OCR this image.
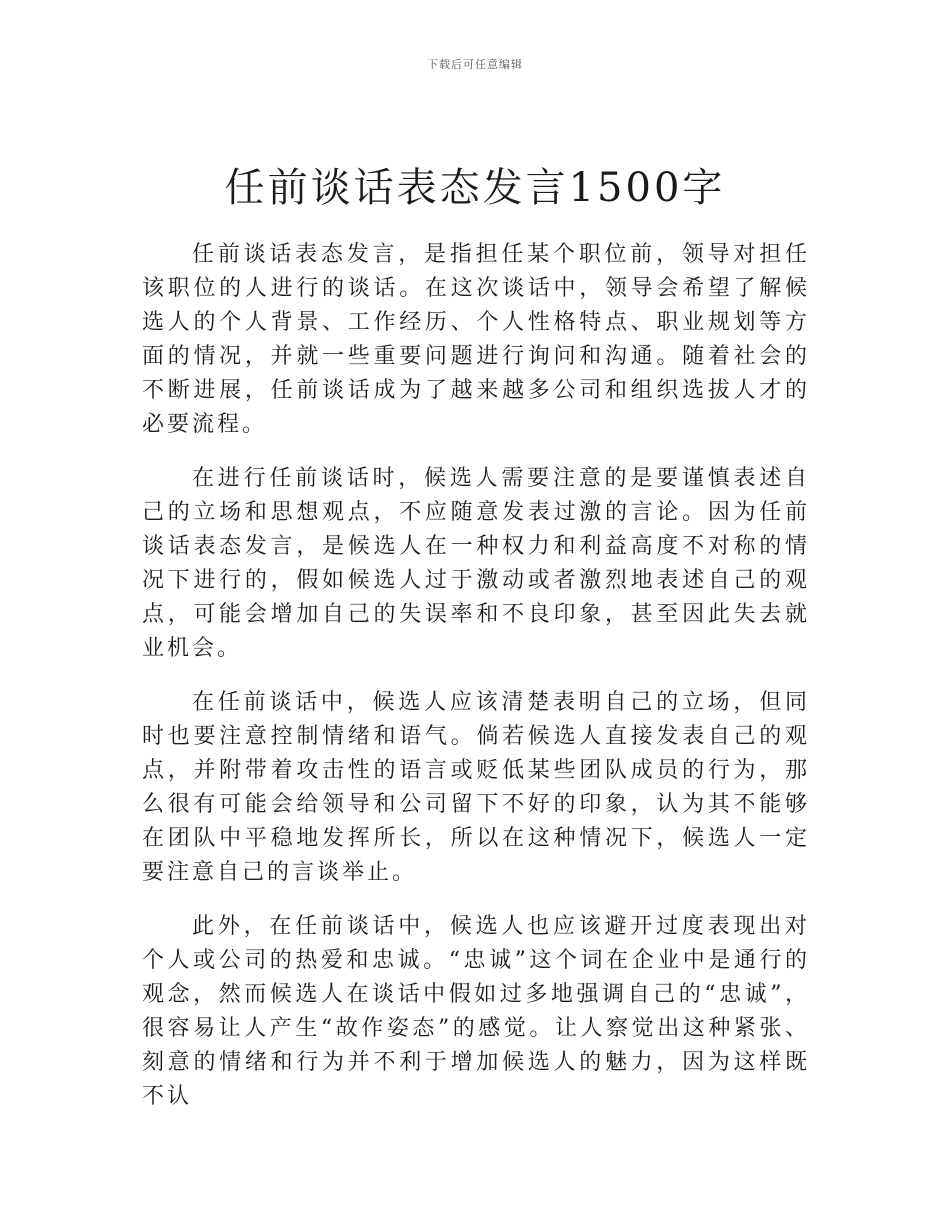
下载后可任意编辑
任前谈话表态发言1500字

任前谈话表态发言，是指担任某个职位前，领导对担任该职位的人进行的谈话。在这次谈话中，领导会希望了解候选人的个人背景、工作经历、个人性格特点、职业规划等方面的情况，并就一些重要问题进行询问和沟通。随着社会的不断进展，任前谈话成为了越来越多公司和组织选拔人才的必要流程。

在进行任前谈话时，候选人需要注意的是要谨慎表述自己的立场和思想观点，不应随意发表过激的言论。因为任前谈话表态发言，是候选人在一种权力和利益高度不对称的情况下进行的，假如候选人过于激动或者激烈地表述自己的观点，可能会增加自己的失误率和不良印象，甚至因此失去就业机会。

在任前谈话中，候选人应该清楚表明自己的立场，但同时也要注意控制情绪和语气。倘若候选人直接发表自己的观点，并附带着攻击性的语言或贬低某些团队成员的行为，那么很有可能会给领导和公司留下不好的印象，认为其不能够在团队中平稳地发挥所长，所以在这种情况下，候选人一定要注意自己的言谈举止。

此外，在任前谈话中，候选人也应该避开过度表现出对个人或公司的热爱和忠诚。“忠诚”这个词在企业中是通行的观念，然而候选人在谈话中假如过多地强调自己的“忠诚”，很容易让人产生“故作姿态”的感觉。让人察觉出这种紧张、刻意的情绪和行为并不利于增加候选人的魅力，因为这样既不认
